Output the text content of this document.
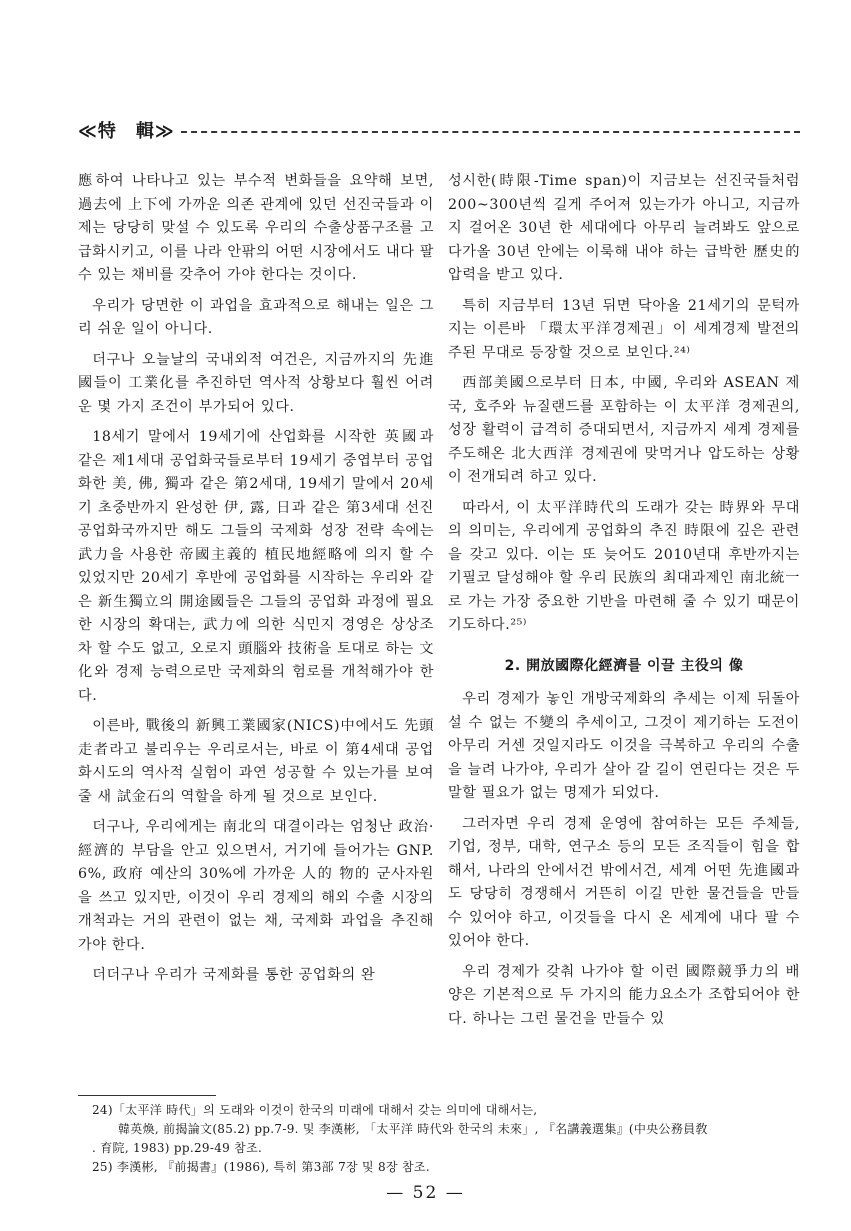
≪特　輯≫

應하여 나타나고 있는 부수적 변화들을 요약해 보면, 過去에 上下에 가까운 의존 관계에 있던 선진국들과 이제는 당당히 맞설 수 있도록 우리의 수출상품구조를 고급화시키고, 이를 나라 안팎의 어떤 시장에서도 내다 팔 수 있는 채비를 갖추어 가야 한다는 것이다.

우리가 당면한 이 과업을 효과적으로 해내는 일은 그리 쉬운 일이 아니다.

더구나 오늘날의 국내외적 여건은, 지금까지의 先進國들이 工業化를 추진하던 역사적 상황보다 훨씬 어려운 몇 가지 조건이 부가되어 있다.

18세기 말에서 19세기에 산업화를 시작한 英國과 같은 제1세대 공업화국들로부터 19세기 중엽부터 공업화한 美, 佛, 獨과 같은 第2세대, 19세기 말에서 20세기 초중반까지 완성한 伊, 露, 日과 같은 第3세대 선진 공업화국까지만 해도 그들의 국제화 성장 전략 속에는 武力을 사용한 帝國主義的 植民地經略에 의지 할 수 있었지만 20세기 후반에 공업화를 시작하는 우리와 같은 新生獨立의 開途國들은 그들의 공업화 과정에 필요한 시장의 확대는, 武力에 의한 식민지 경영은 상상조차 할 수도 없고, 오로지 頭腦와 技術을 토대로 하는 文化와 경제 능력으로만 국제화의 험로를 개척해가야 한다.

이른바, 戰後의 新興工業國家(NICS)中에서도 先頭走者라고 불리우는 우리로서는, 바로 이 第4세대 공업화시도의 역사적 실험이 과연 성공할 수 있는가를 보여 줄 새 試金石의 역할을 하게 될 것으로 보인다.

더구나, 우리에게는 南北의 대결이라는 엄청난 政治·經濟的 부담을 안고 있으면서, 거기에 들어가는 GNP. 6%, 政府 예산의 30%에 가까운 人的 物的 군사자원을 쓰고 있지만, 이것이 우리 경제의 해외 수출 시장의 개척과는 거의 관련이 없는 채, 국제화 과업을 추진해 가야 한다.

더더구나 우리가 국제화를 통한 공업화의 완

성시한(時限-Time span)이 지금보는 선진국들처럼 200~300년씩 길게 주어져 있는가가 아니고, 지금까지 걸어온 30년 한 세대에다 아무리 늘려봐도 앞으로 다가올 30년 안에는 이룩해 내야 하는 급박한 歷史的 압력을 받고 있다.

특히 지금부터 13년 뒤면 닥아올 21세기의 문턱까지는 이른바 「環太平洋경제권」이 세계경제 발전의 주된 무대로 등장할 것으로 보인다.²⁴⁾

西部美國으로부터 日本, 中國, 우리와 ASEAN 제국, 호주와 뉴질랜드를 포함하는 이 太平洋 경제권의, 성장 활력이 급격히 증대되면서, 지금까지 세계 경제를 주도해온 北大西洋 경제권에 맞먹거나 압도하는 상황이 전개되려 하고 있다.

따라서, 이 太平洋時代의 도래가 갖는 時界와 무대의 의미는, 우리에게 공업화의 추진 時限에 깊은 관련을 갖고 있다. 이는 또 늦어도 2010년대 후반까지는 기필코 달성해야 할 우리 民族의 최대과제인 南北統一로 가는 가장 중요한 기반을 마련해 줄 수 있기 때문이기도하다.²⁵⁾

2. 開放國際化經濟를 이끌 主役의 像

우리 경제가 놓인 개방국제화의 추세는 이제 뒤돌아 설 수 없는 不變의 추세이고, 그것이 제기하는 도전이 아무리 거센 것일지라도 이것을 극복하고 우리의 수출을 늘려 나가야, 우리가 살아 갈 길이 연린다는 것은 두말할 필요가 없는 명제가 되었다.

그러자면 우리 경제 운영에 참여하는 모든 주체들, 기업, 정부, 대학, 연구소 등의 모든 조직들이 힘을 합해서, 나라의 안에서건 밖에서건, 세계 어떤 先進國과도 당당히 경쟁해서 거뜬히 이길 만한 물건들을 만들 수 있어야 하고, 이것들을 다시 온 세계에 내다 팔 수 있어야 한다.

우리 경제가 갖춰 나가야 할 이런 國際競爭力의 배양은 기본적으로 두 가지의 能力요소가 조합되어야 한다. 하나는 그런 물건을 만들수 있

24)「太平洋 時代」의 도래와 이것이 한국의 미래에 대해서 갖는 의미에 대해서는,

韓英煥, 前揭論文(85.2) pp.7-9. 및 李漢彬, 「太平洋 時代와 한국의 未來」, 『名講義選集』(中央公務員敎

. 育院, 1983) pp.29-49 참조.

25) 李漢彬, 『前揭書』(1986), 특히 第3部 7장 및 8장 참조.

— 52 —
